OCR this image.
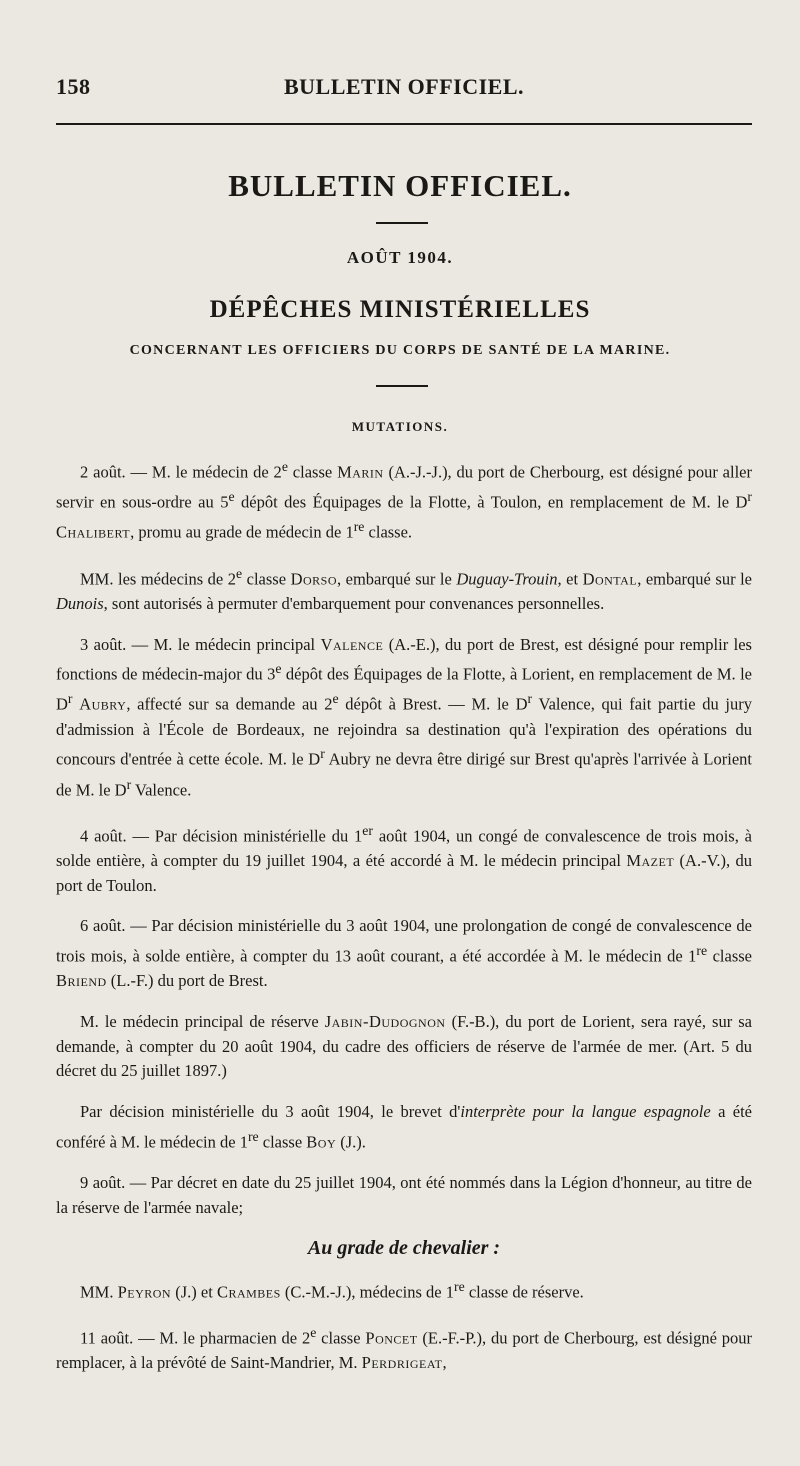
158	BULLETIN OFFICIEL.
BULLETIN OFFICIEL.
AOÛT 1904.
DÉPÊCHES MINISTÉRIELLES
CONCERNANT LES OFFICIERS DU CORPS DE SANTÉ DE LA MARINE.
MUTATIONS.

2 août. — M. le médecin de 2e classe Marin (A.-J.-J.), du port de Cherbourg, est désigné pour aller servir en sous-ordre au 5e dépôt des Équipages de la Flotte, à Toulon, en remplacement de M. le $D^r$ Chalibert, promu au grade de médecin de 1re classe.

MM. les médecins de 2e classe Dorso, embarqué sur le Duguay-Trouin, et Dontal, embarqué sur le Dunois, sont autorisés à permuter d'embarquement pour convenances personnelles.

3 août. — M. le médecin principal Valence (A.-E.), du port de Brest, est désigné pour remplir les fonctions de médecin-major du 3e dépôt des Équipages de la Flotte, à Lorient, en remplacement de M. le $D^r$ Aubry, affecté sur sa demande au 2e dépôt à Brest. — M. le $D^r$ Valence, qui fait partie du jury d'admission à l'École de Bordeaux, ne rejoindra sa destination qu'à l'expiration des opérations du concours d'entrée à cette école. M. le $D^r$ Aubry ne devra être dirigé sur Brest qu'après l'arrivée à Lorient de M. le $D^r$ Valence.

4 août. — Par décision ministérielle du 1er août 1904, un congé de convalescence de trois mois, à solde entière, à compter du 19 juillet 1904, a été accordé à M. le médecin principal Mazet (A.-V.), du port de Toulon.

6 août. — Par décision ministérielle du 3 août 1904, une prolongation de congé de convalescence de trois mois, à solde entière, à compter du 13 août courant, a été accordée à M. le médecin de 1re classe Briend (L.-F.) du port de Brest.

M. le médecin principal de réserve Jabin-Dudognon (F.-B.), du port de Lorient, sera rayé, sur sa demande, à compter du 20 août 1904, du cadre des officiers de réserve de l'armée de mer. (Art. 5 du décret du 25 juillet 1897.)

Par décision ministérielle du 3 août 1904, le brevet d'interprète pour la langue espagnole a été conféré à M. le médecin de 1re classe Boy (J.).

9 août. — Par décret en date du 25 juillet 1904, ont été nommés dans la Légion d'honneur, au titre de la réserve de l'armée navale;

Au grade de chevalier :

MM. Peyron (J.) et Crambes (C.-M.-J.), médecins de 1re classe de réserve.

11 août. — M. le pharmacien de 2e classe Poncet (E.-F.-P.), du port de Cherbourg, est désigné pour remplacer, à la prévôté de Saint-Mandrier, M. Perdrigeat,
